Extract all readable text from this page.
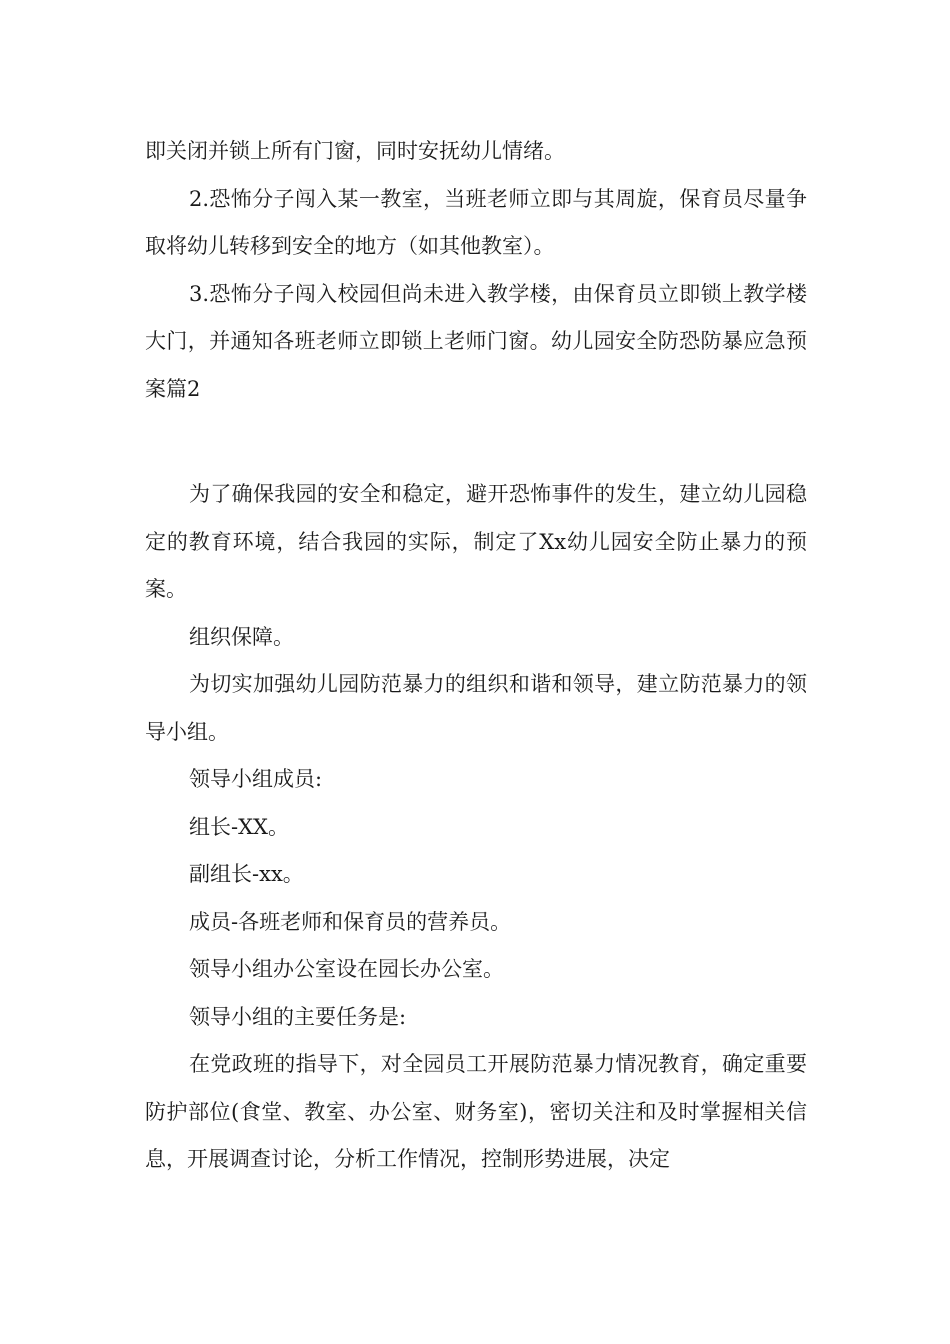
即关闭并锁上所有门窗，同时安抚幼儿情绪。

2.恐怖分子闯入某一教室，当班老师立即与其周旋，保育员尽量争取将幼儿转移到安全的地方（如其他教室）。

3.恐怖分子闯入校园但尚未进入教学楼，由保育员立即锁上教学楼大门，并通知各班老师立即锁上老师门窗。幼儿园安全防恐防暴应急预案篇2

为了确保我园的安全和稳定，避开恐怖事件的发生，建立幼儿园稳定的教育环境，结合我园的实际，制定了Xx幼儿园安全防止暴力的预案。

组织保障。

为切实加强幼儿园防范暴力的组织和谐和领导，建立防范暴力的领导小组。

领导小组成员:

组长-XX。

副组长-xx。

成员-各班老师和保育员的营养员。

领导小组办公室设在园长办公室。

领导小组的主要任务是:

在党政班的指导下，对全园员工开展防范暴力情况教育，确定重要防护部位(食堂、教室、办公室、财务室)，密切关注和及时掌握相关信息，开展调查讨论，分析工作情况，控制形势进展，决定
